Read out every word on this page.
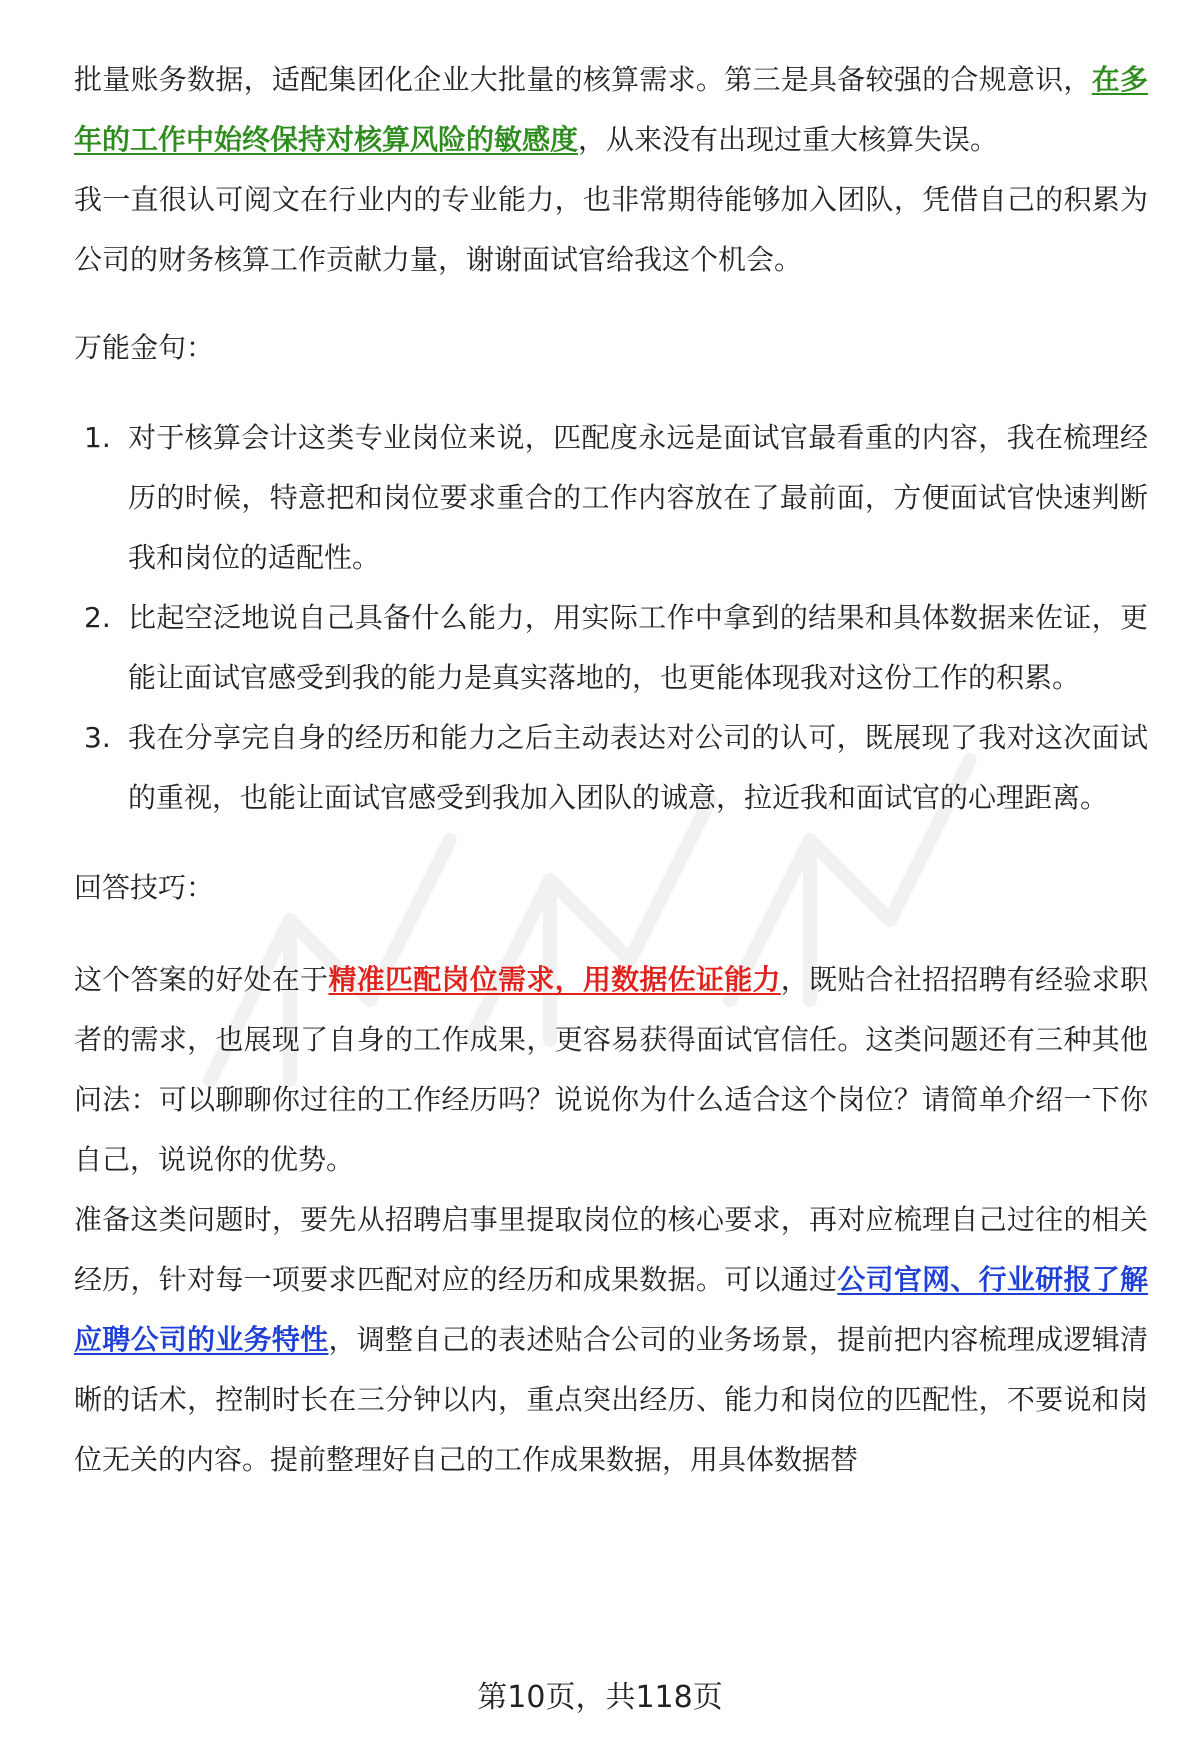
批量账务数据，适配集团化企业大批量的核算需求。第三是具备较强的合规意识，在多年的工作中始终保持对核算风险的敏感度，从来没有出现过重大核算失误。

我一直很认可阅文在行业内的专业能力，也非常期待能够加入团队，凭借自己的积累为公司的财务核算工作贡献力量，谢谢面试官给我这个机会。

万能金句：

1. 对于核算会计这类专业岗位来说，匹配度永远是面试官最看重的内容，我在梳理经历的时候，特意把和岗位要求重合的工作内容放在了最前面，方便面试官快速判断我和岗位的适配性。
2. 比起空泛地说自己具备什么能力，用实际工作中拿到的结果和具体数据来佐证，更能让面试官感受到我的能力是真实落地的，也更能体现我对这份工作的积累。
3. 我在分享完自身的经历和能力之后主动表达对公司的认可，既展现了我对这次面试的重视，也能让面试官感受到我加入团队的诚意，拉近我和面试官的心理距离。

回答技巧：

这个答案的好处在于精准匹配岗位需求，用数据佐证能力，既贴合社招招聘有经验求职者的需求，也展现了自身的工作成果，更容易获得面试官信任。这类问题还有三种其他问法：可以聊聊你过往的工作经历吗？说说你为什么适合这个岗位？请简单介绍一下你自己，说说你的优势。

准备这类问题时，要先从招聘启事里提取岗位的核心要求，再对应梳理自己过往的相关经历，针对每一项要求匹配对应的经历和成果数据。可以通过公司官网、行业研报了解应聘公司的业务特性，调整自己的表述贴合公司的业务场景，提前把内容梳理成逻辑清晰的话术，控制时长在三分钟以内，重点突出经历、能力和岗位的匹配性，不要说和岗位无关的内容。提前整理好自己的工作成果数据，用具体数据替

第10页，共118页
